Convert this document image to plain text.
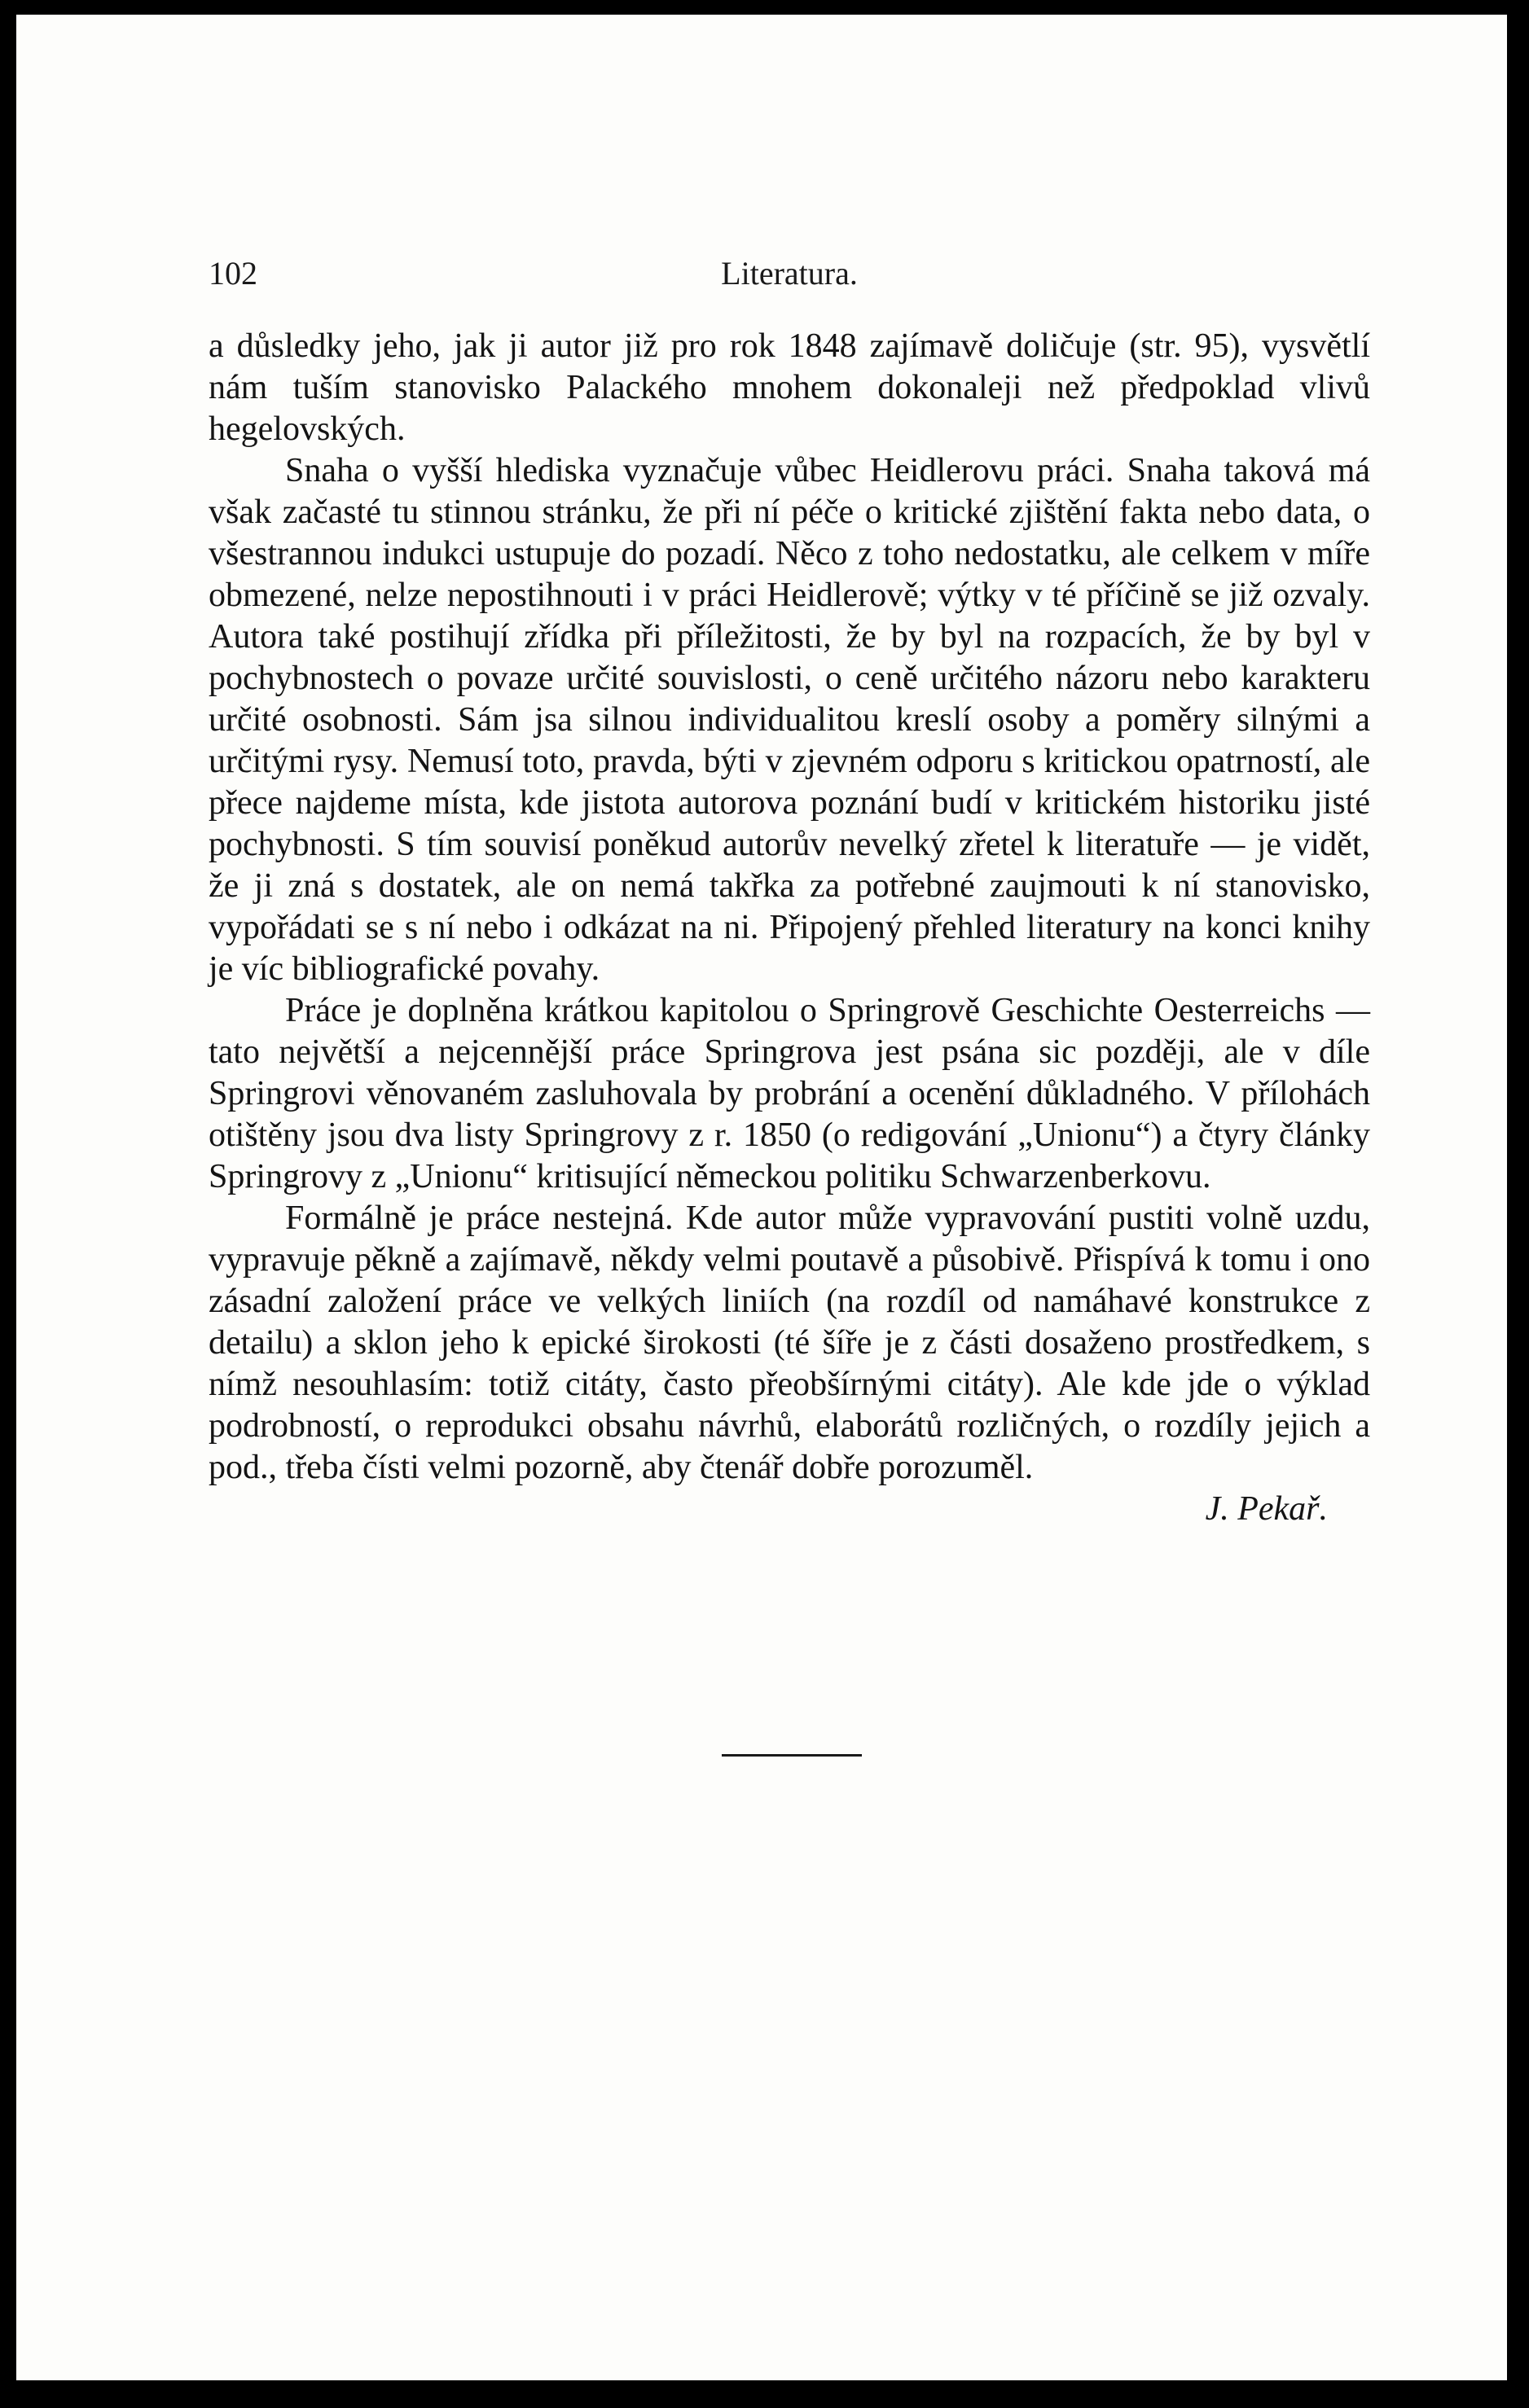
102	Literatura.

a důsledky jeho, jak ji autor již pro rok 1848 zajímavě doličuje (str. 95), vysvětlí nám tuším stanovisko Palackého mnohem dokonaleji než předpoklad vlivů hegelovských.

Snaha o vyšší hlediska vyznačuje vůbec Heidlerovu práci. Snaha taková má však začasté tu stinnou stránku, že při ní péče o kritické zjištění fakta nebo data, o všestrannou indukci ustupuje do pozadí. Něco z toho nedostatku, ale celkem v míře obmezené, nelze nepostihnouti i v práci Heidlerově; výtky v té příčině se již ozvaly. Autora také postihují zřídka při příležitosti, že by byl na rozpacích, že by byl v pochybnostech o povaze určité souvislosti, o ceně určitého názoru nebo karakteru určité osobnosti. Sám jsa silnou individualitou kreslí osoby a poměry silnými a určitými rysy. Nemusí toto, pravda, býti v zjevném odporu s kritickou opatrností, ale přece najdeme místa, kde jistota autorova poznání budí v kritickém historiku jisté pochybnosti. S tím souvisí poněkud autorův nevelký zřetel k literatuře — je vidět, že ji zná s dostatek, ale on nemá takřka za potřebné zaujmouti k ní stanovisko, vypořádati se s ní nebo i odkázat na ni. Připojený přehled literatury na konci knihy je víc bibliografické povahy.

Práce je doplněna krátkou kapitolou o Springrově Geschichte Oesterreichs — tato největší a nejcennější práce Springrova jest psána sic později, ale v díle Springrovi věnovaném zasluhovala by probrání a ocenění důkladného. V přílohách otištěny jsou dva listy Springrovy z r. 1850 (o redigování „Unionu“) a čtyry články Springrovy z „Unionu“ kritisující německou politiku Schwarzenberkovu.

Formálně je práce nestejná. Kde autor může vypravování pustiti volně uzdu, vypravuje pěkně a zajímavě, někdy velmi poutavě a působivě. Přispívá k tomu i ono zásadní založení práce ve velkých liniích (na rozdíl od namáhavé konstrukce z detailu) a sklon jeho k epické širokosti (té šíře je z části dosaženo prostředkem, s nímž nesouhlasím: totiž citáty, často přeobšírnými citáty). Ale kde jde o výklad podrobností, o reprodukci obsahu návrhů, elaborátů rozličných, o rozdíly jejich a pod., třeba čísti velmi pozorně, aby čtenář dobře porozuměl.

J. Pekař.
